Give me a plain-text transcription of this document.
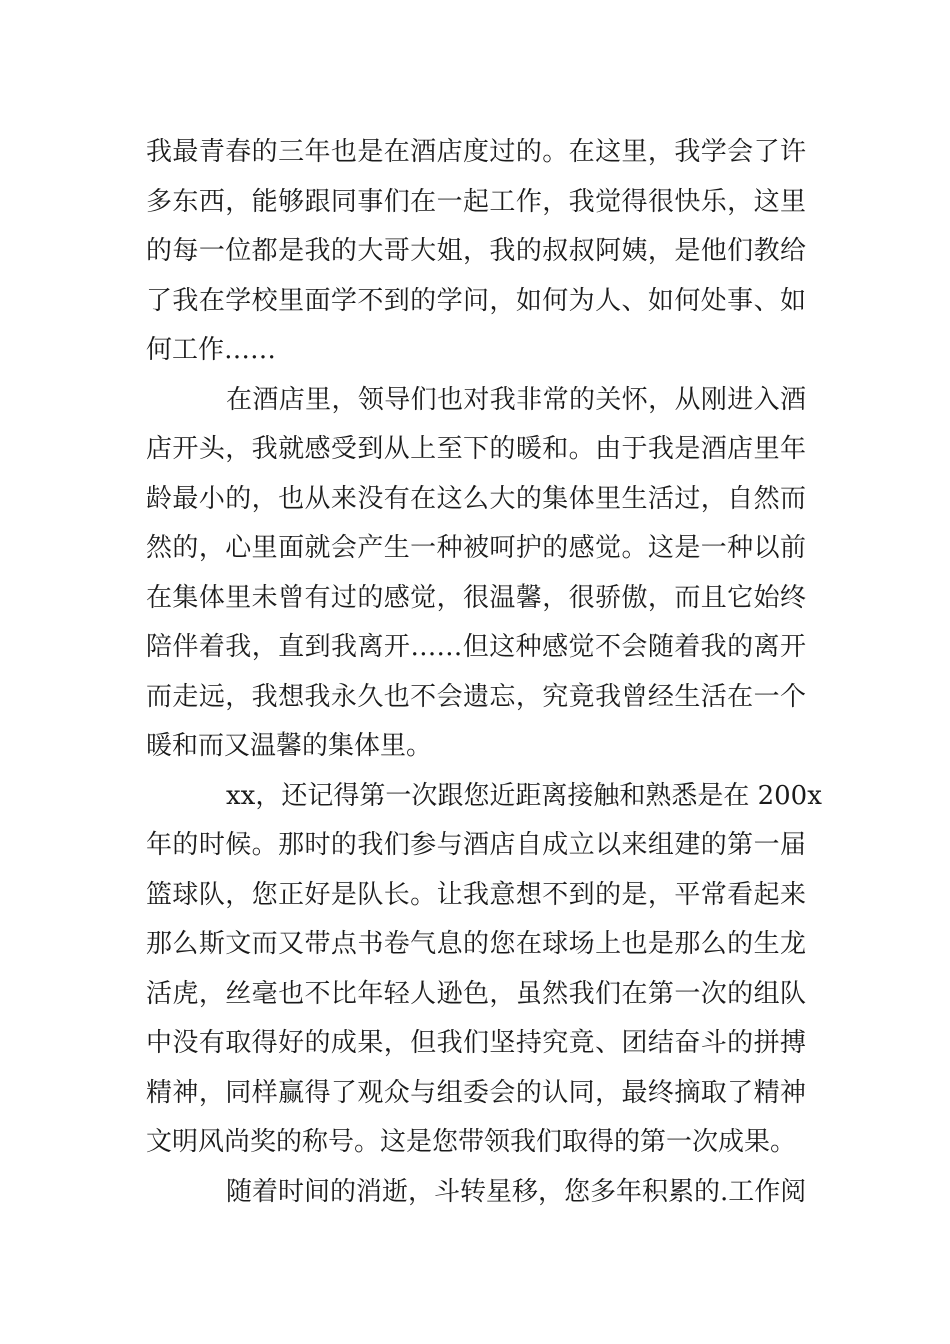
我最青春的三年也是在酒店度过的。在这里，我学会了许
多东西，能够跟同事们在一起工作，我觉得很快乐，这里
的每一位都是我的大哥大姐，我的叔叔阿姨，是他们教给
了我在学校里面学不到的学问，如何为人、如何处事、如
何工作……
在酒店里，领导们也对我非常的关怀，从刚进入酒
店开头，我就感受到从上至下的暖和。由于我是酒店里年
龄最小的，也从来没有在这么大的集体里生活过，自然而
然的，心里面就会产生一种被呵护的感觉。这是一种以前
在集体里未曾有过的感觉，很温馨，很骄傲，而且它始终
陪伴着我，直到我离开……但这种感觉不会随着我的离开
而走远，我想我永久也不会遗忘，究竟我曾经生活在一个
暖和而又温馨的集体里。
xx，还记得第一次跟您近距离接触和熟悉是在 200x
年的时候。那时的我们参与酒店自成立以来组建的第一届
篮球队，您正好是队长。让我意想不到的是，平常看起来
那么斯文而又带点书卷气息的您在球场上也是那么的生龙
活虎，丝毫也不比年轻人逊色，虽然我们在第一次的组队
中没有取得好的成果，但我们坚持究竟、团结奋斗的拼搏
精神，同样赢得了观众与组委会的认同，最终摘取了精神
文明风尚奖的称号。这是您带领我们取得的第一次成果。
随着时间的消逝，斗转星移，您多年积累的.工作阅
